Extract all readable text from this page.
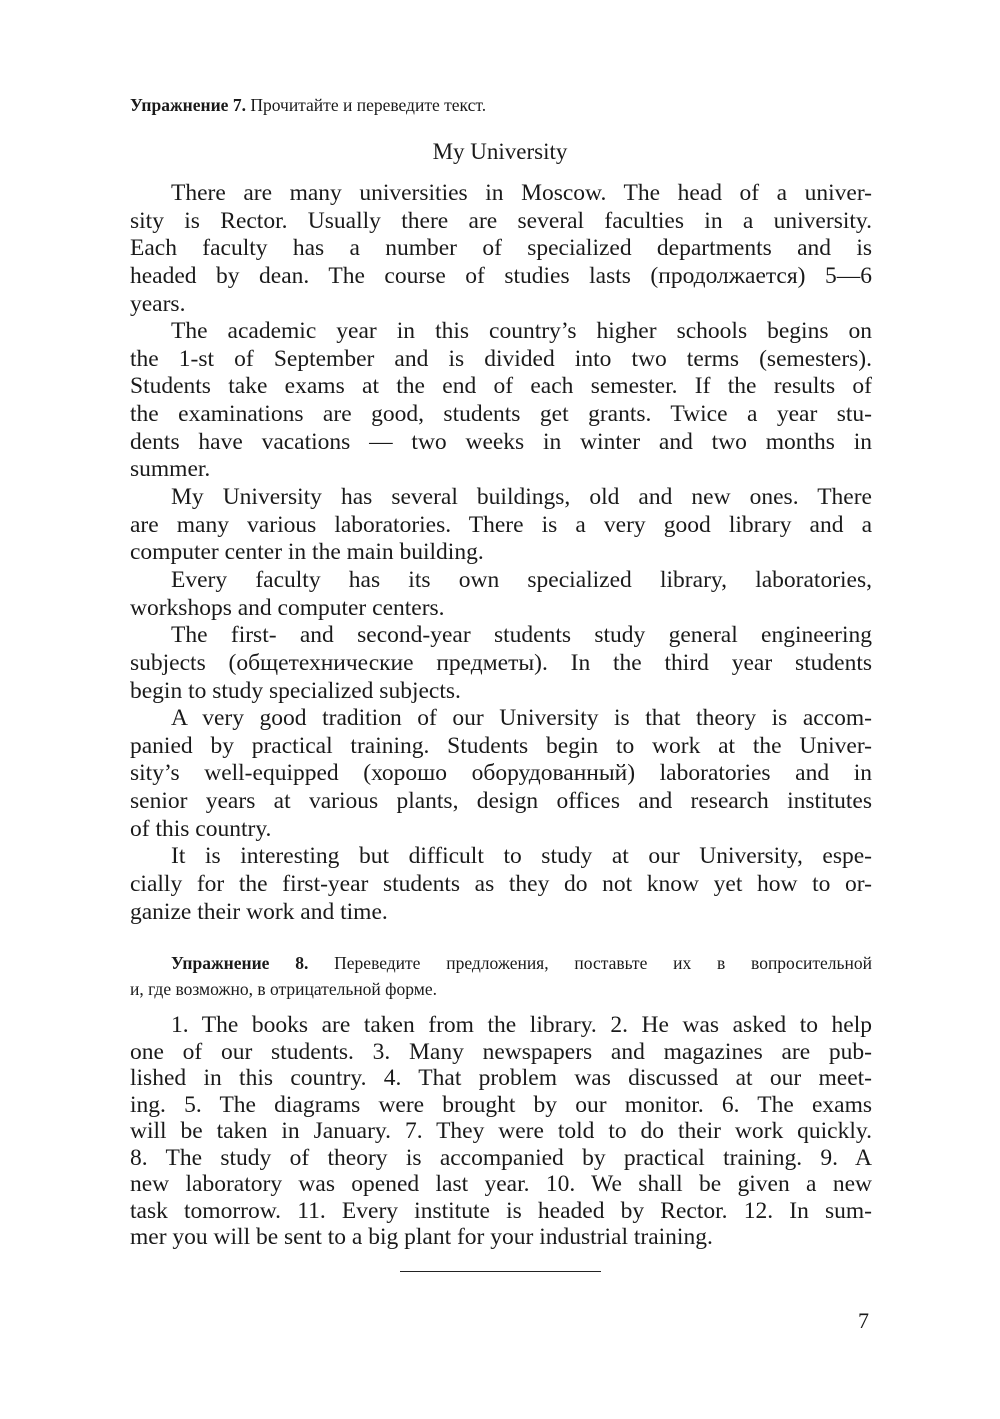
Упражнение 7. Прочитайте и переведите текст.
My University
There are many universities in Moscow. The head of a univer-
sity is Rector. Usually there are several faculties in a university.
Each faculty has a number of specialized departments and is
headed by dean. The course of studies lasts (продолжается) 5—6
years.
The academic year in this country’s higher schools begins on
the 1-st of September and is divided into two terms (semesters).
Students take exams at the end of each semester. If the results of
the examinations are good, students get grants. Twice a year stu-
dents have vacations — two weeks in winter and two months in
summer.
My University has several buildings, old and new ones. There
are many various laboratories. There is a very good library and a
computer center in the main building.
Every faculty has its own specialized library, laboratories,
workshops and computer centers.
The first- and second-year students study general engineering
subjects (общетехнические предметы). In the third year students
begin to study specialized subjects.
A very good tradition of our University is that theory is accom-
panied by practical training. Students begin to work at the Univer-
sity’s well-equipped (хорошо оборудованный) laboratories and in
senior years at various plants, design offices and research institutes
of this country.
It is interesting but difficult to study at our University, espe-
cially for the first-year students as they do not know yet how to or-
ganize their work and time.
Упражнение 8. Переведите предложения, поставьте их в вопросительной
и, где возможно, в отрицательной форме.
1. The books are taken from the library. 2. He was asked to help
one of our students. 3. Many newspapers and magazines are pub-
lished in this country. 4. That problem was discussed at our meet-
ing. 5. The diagrams were brought by our monitor. 6. The exams
will be taken in January. 7. They were told to do their work quickly.
8. The study of theory is accompanied by practical training. 9. A
new laboratory was opened last year. 10. We shall be given a new
task tomorrow. 11. Every institute is headed by Rector. 12. In sum-
mer you will be sent to a big plant for your industrial training.
7
